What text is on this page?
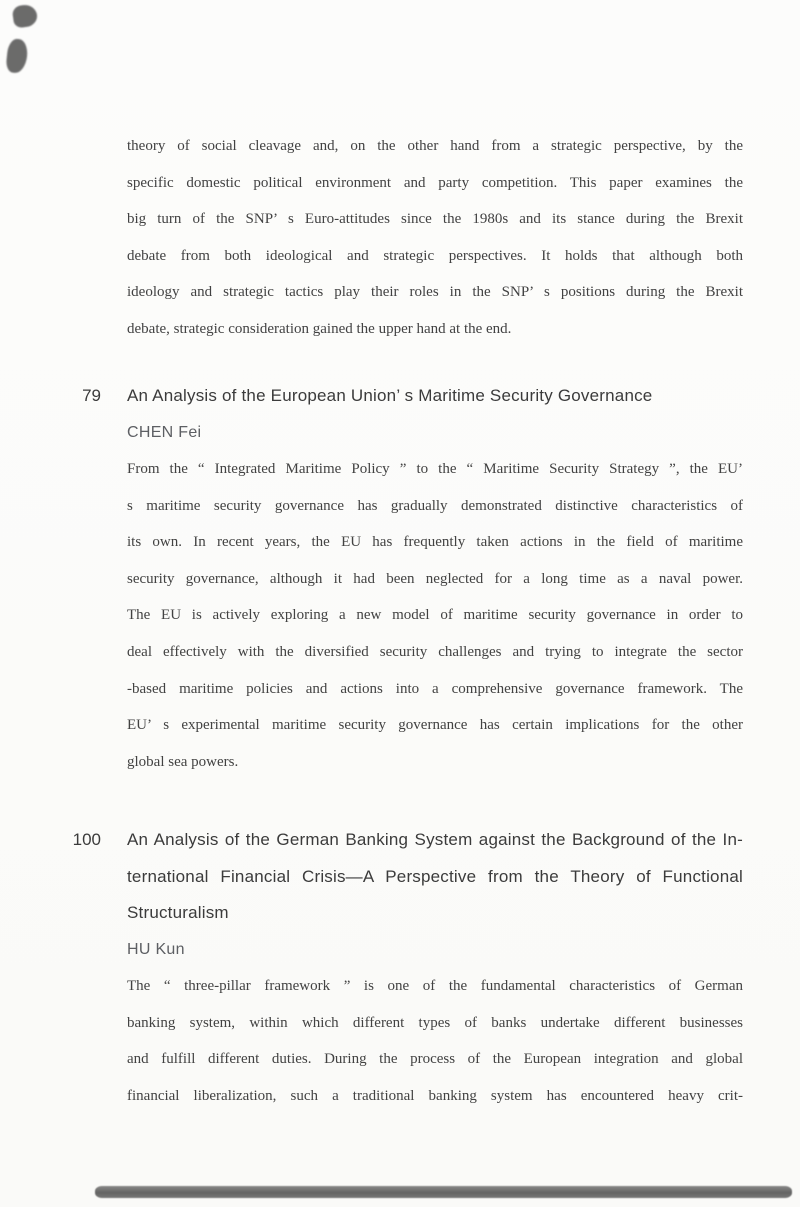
theory of social cleavage and, on the other hand from a strategic perspective, by the
specific domestic political environment and party competition. This paper examines the
big turn of the SNP’ s Euro-attitudes since the 1980s and its stance during the Brexit
debate from both ideological and strategic perspectives. It holds that although both
ideology and strategic tactics play their roles in the SNP’ s positions during the Brexit
debate, strategic consideration gained the upper hand at the end.
79 An Analysis of the European Union’ s Maritime Security Governance
CHEN Fei
From the “ Integrated Maritime Policy ” to the “ Maritime Security Strategy ”, the EU’
s maritime security governance has gradually demonstrated distinctive characteristics of
its own. In recent years, the EU has frequently taken actions in the field of maritime
security governance, although it had been neglected for a long time as a naval power.
The EU is actively exploring a new model of maritime security governance in order to
deal effectively with the diversified security challenges and trying to integrate the sector
-based maritime policies and actions into a comprehensive governance framework. The
EU’ s experimental maritime security governance has certain implications for the other
global sea powers.
100 An Analysis of the German Banking System against the Background of the In-
ternational Financial Crisis—A Perspective from the Theory of Functional
Structuralism
HU Kun
The “ three-pillar framework ” is one of the fundamental characteristics of German
banking system, within which different types of banks undertake different businesses
and fulfill different duties. During the process of the European integration and global
financial liberalization, such a traditional banking system has encountered heavy crit-
